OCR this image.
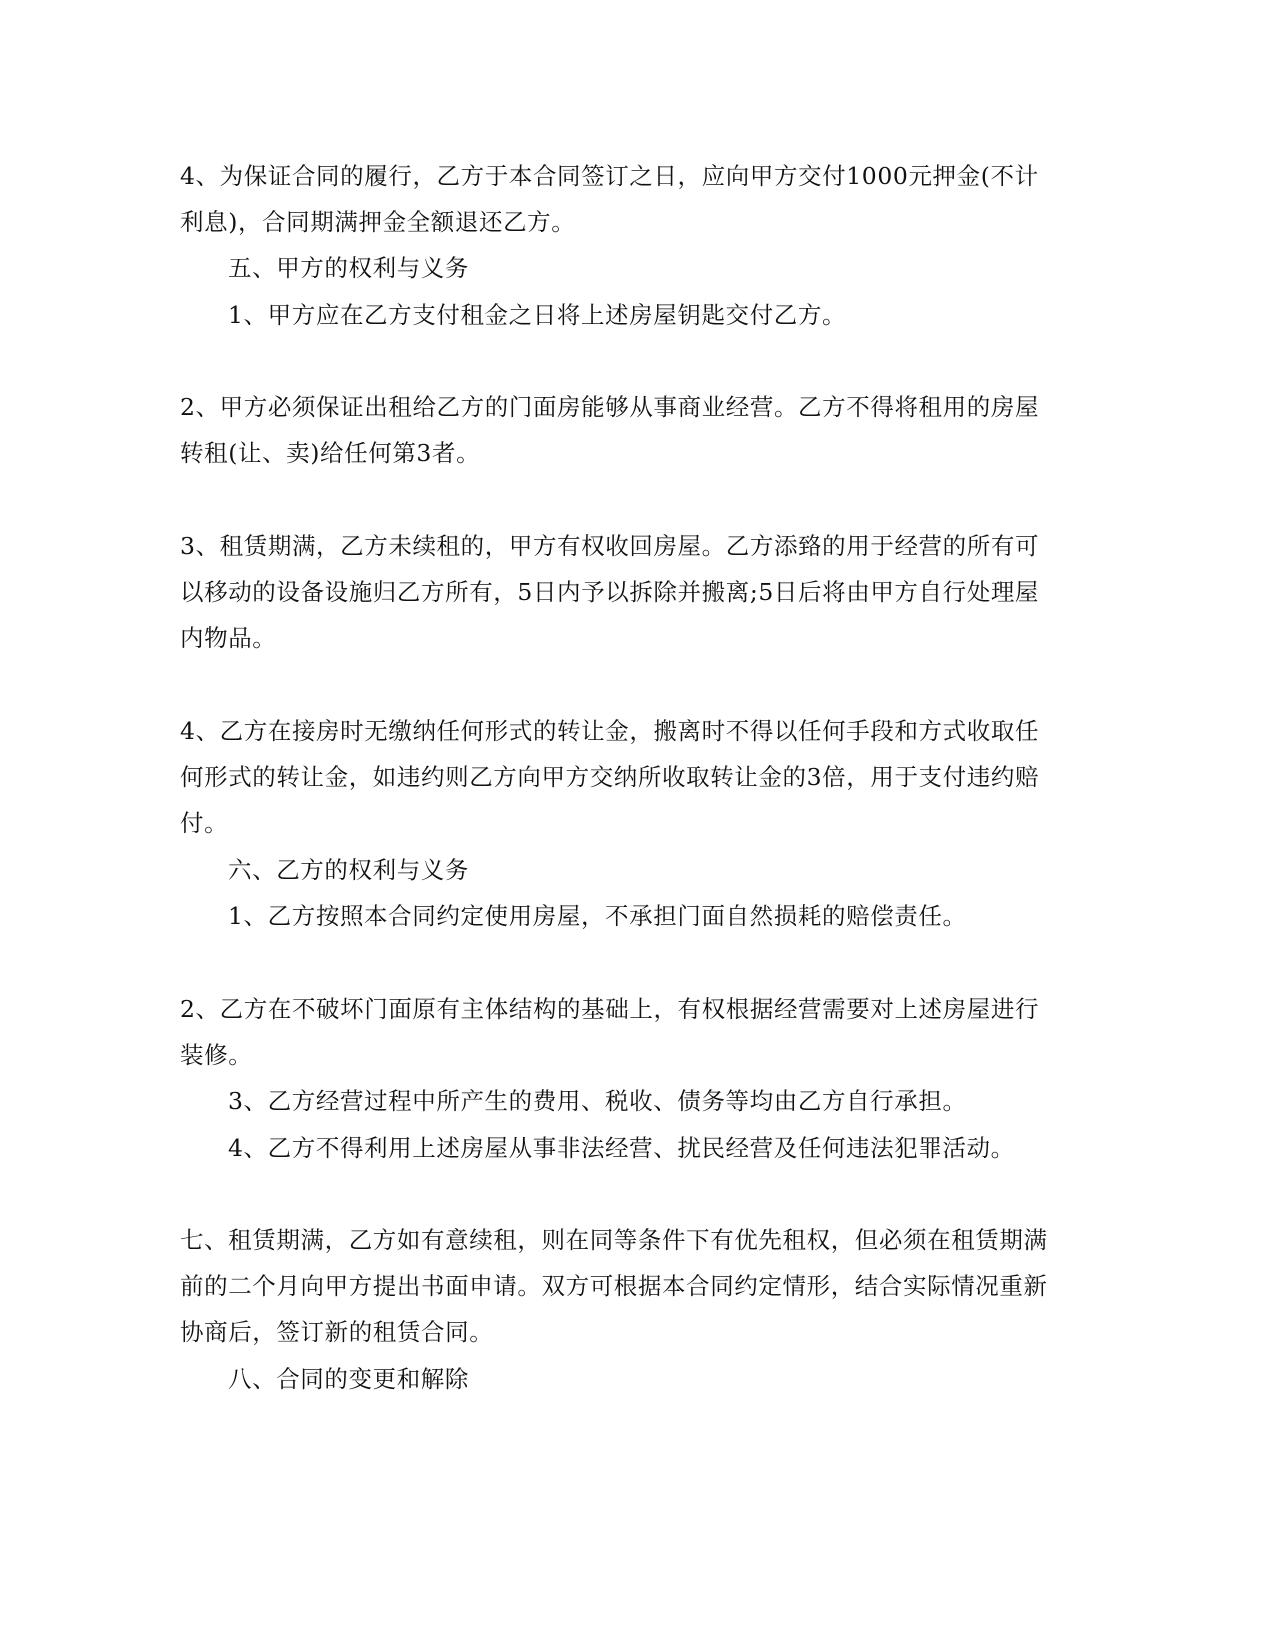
4、为保证合同的履行，乙方于本合同签订之日，应向甲方交付1000元押金(不计利息)，合同期满押金全额退还乙方。

五、甲方的权利与义务

1、甲方应在乙方支付租金之日将上述房屋钥匙交付乙方。

2、甲方必须保证出租给乙方的门面房能够从事商业经营。乙方不得将租用的房屋转租(让、卖)给任何第3者。

3、租赁期满，乙方未续租的，甲方有权收回房屋。乙方添臵的用于经营的所有可以移动的设备设施归乙方所有，5日内予以拆除并搬离;5日后将由甲方自行处理屋内物品。

4、乙方在接房时无缴纳任何形式的转让金，搬离时不得以任何手段和方式收取任何形式的转让金，如违约则乙方向甲方交纳所收取转让金的3倍，用于支付违约赔付。

六、乙方的权利与义务

1、乙方按照本合同约定使用房屋，不承担门面自然损耗的赔偿责任。

2、乙方在不破坏门面原有主体结构的基础上，有权根据经营需要对上述房屋进行装修。

3、乙方经营过程中所产生的费用、税收、债务等均由乙方自行承担。

4、乙方不得利用上述房屋从事非法经营、扰民经营及任何违法犯罪活动。

七、租赁期满，乙方如有意续租，则在同等条件下有优先租权，但必须在租赁期满前的二个月向甲方提出书面申请。双方可根据本合同约定情形，结合实际情况重新协商后，签订新的租赁合同。

八、合同的变更和解除
